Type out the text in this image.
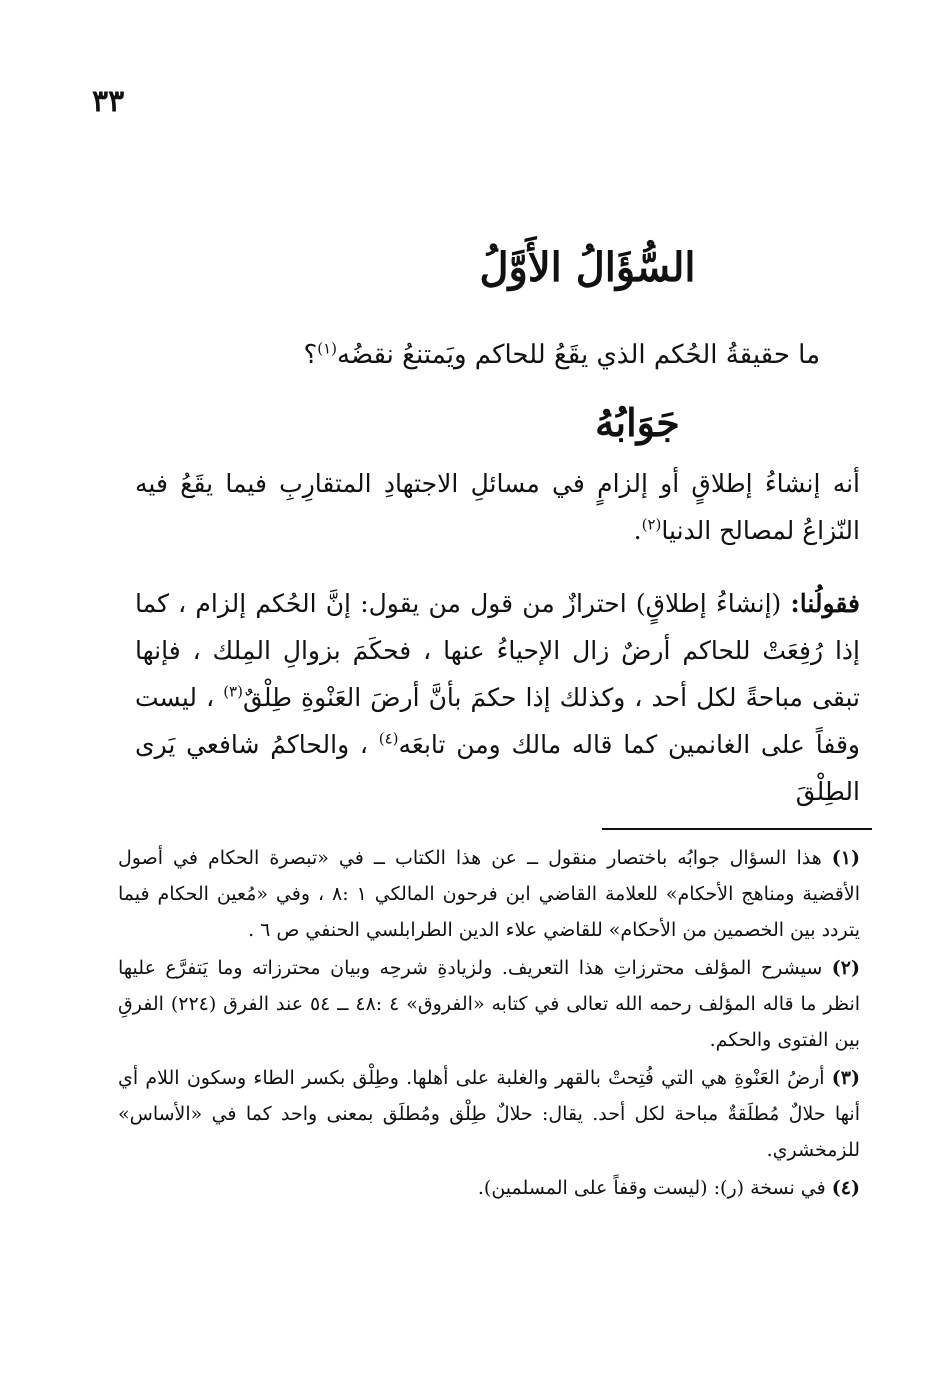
٣٣
السُّؤَالُ الأَوَّلُ
ما حقيقةُ الحُكم الذي يقَعُ للحاكم ويَمتنعُ نقضُه$^{(١)}$؟
جَوَابُهُ
أنه إنشاءُ إطلاقٍ أو إلزامٍ في مسائلِ الاجتهادِ المتقارِبِ فيما يقَعُ فيه النّزاعُ لمصالح الدنيا$^{(٢)}$.
فقولُنا: (إنشاءُ إطلاقٍ) احترازٌ من قول من يقول: إنَّ الحُكم إلزام ، كما إذا رُفِعَتْ للحاكم أرضٌ زال الإحياءُ عنها ، فحكَمَ بزوالِ المِلك ، فإنها تبقى مباحةً لكل أحد ، وكذلك إذا حكمَ بأنَّ أرضَ العَنْوةِ طِلْقٌ$^{(٣)}$ ، ليست وقفاً على الغانمين كما قاله مالك ومن تابعَه$^{(٤)}$ ، والحاكمُ شافعي يَرى الطِلْقَ

(١) هذا السؤال جوابُه باختصار منقول ــ عن هذا الكتاب ــ في «تبصرة الحكام في أصول الأقضية ومناهج الأحكام» للعلامة القاضي ابن فرحون المالكي ١ :٨ ، وفي «مُعين الحكام فيما يتردد بين الخصمين من الأحكام» للقاضي علاء الدين الطرابلسي الحنفي ص ٦ .

(٢) سيشرح المؤلف محترزاتِ هذا التعريف. ولزيادةِ شرحِه وبيان محترزاته وما يَتفرَّع عليها انظر ما قاله المؤلف رحمه الله تعالى في كتابه «الفروق» ٤ :٤٨ ــ ٥٤ عند الفرق (٢٢٤) الفرقِ بين الفتوى والحكم.

(٣) أرضُ العَنْوةِ هي التي فُتِحتْ بالقهر والغلبة على أهلها. وطِلْق بكسر الطاء وسكون اللام أي أنها حلالٌ مُطلَقةٌ مباحة لكل أحد. يقال: حلالٌ طِلْق ومُطلَق بمعنى واحد كما في «الأساس» للزمخشري.

(٤) في نسخة (ر): (ليست وقفاً على المسلمين).
